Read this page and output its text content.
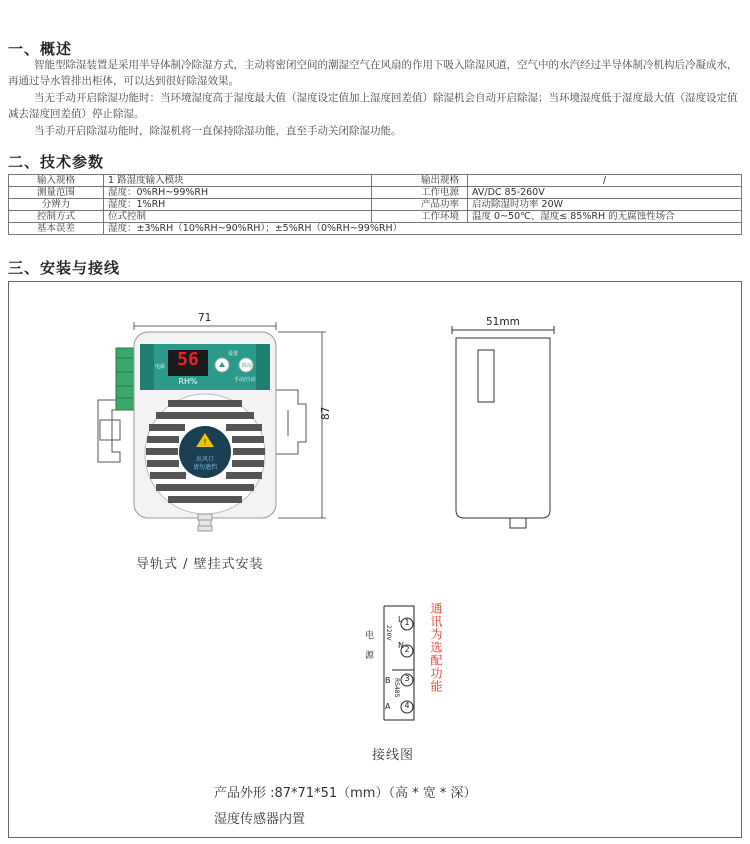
一、概述
智能型除湿装置是采用半导体制冷除湿方式，主动将密闭空间的潮湿空气在风扇的作用下吸入除湿风道，空气中的水汽经过半导体制冷机构后冷凝成水，再通过导水管排出柜体，可以达到很好除湿效果。
当无手动开启除湿功能时：当环境湿度高于湿度最大值（湿度设定值加上湿度回差值）除湿机会自动开启除湿；当环境湿度低于湿度最大值（湿度设定值减去湿度回差值）停止除湿。
当手动开启除湿功能时，除湿机将一直保持除湿功能，直至手动关闭除湿功能。
二、技术参数
输入规格	1 路湿度输入模块	输出规格	/
测量范围	湿度：0%RH~99%RH	工作电源	AV/DC 85-260V
分辨力	湿度：1%RH	产品功率	启动除湿时功率 20W
控制方式	位式控制	工作环境	温度 0~50℃、湿度≤ 85%RH 的无腐蚀性场合
基本误差	湿度：±3%RH（10%RH~90%RH）；±5%RH（0%RH~99%RH）		
三、安装与接线
!
56
RH%
电源
设置
除湿
手动/自动
出风口
请勿遮挡
71
87
51mm
导轨式 / 壁挂式安装
电 源
L
N
220V
B
A
RS485
1
2
3
4
通讯为选配功能
接线图
产品外形 :87*71*51（mm）（高 * 宽 * 深）
湿度传感器内置
